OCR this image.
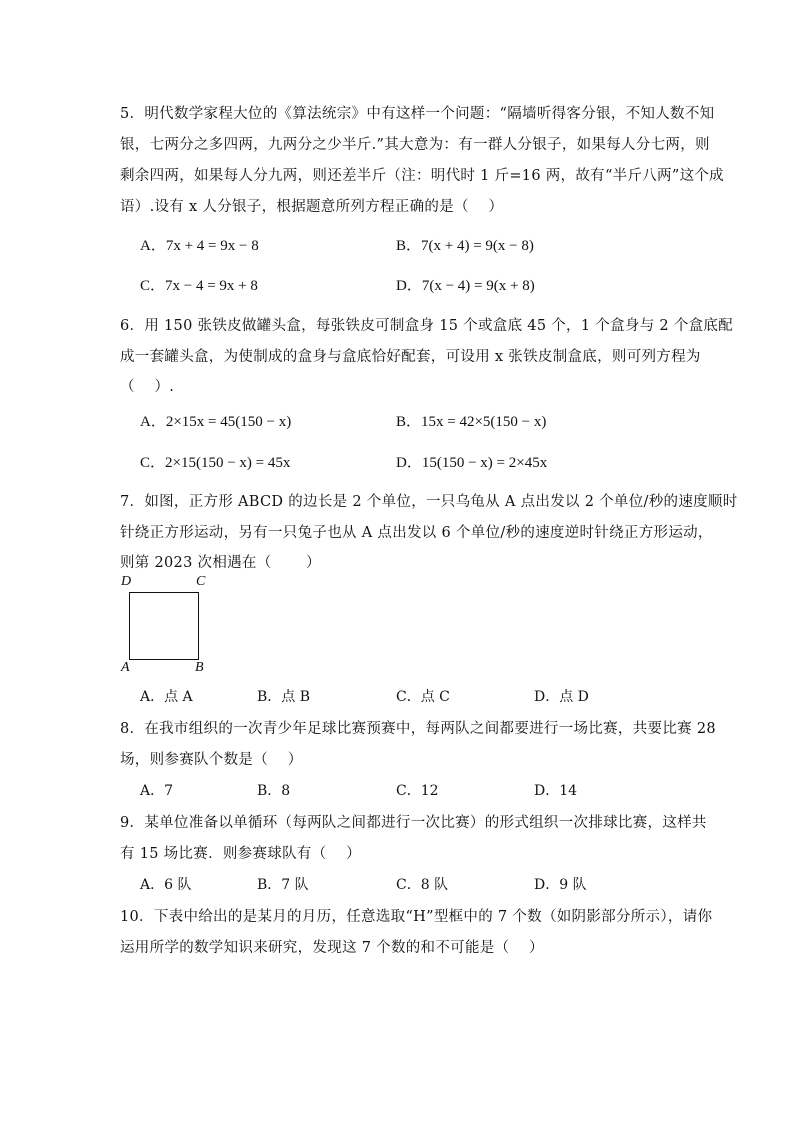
5．明代数学家程大位的《算法统宗》中有这样一个问题：“隔墙听得客分银，不知人数不知
银，七两分之多四两，九两分之少半斤.”其大意为：有一群人分银子，如果每人分七两，则
剩余四两，如果每人分九两，则还差半斤（注：明代时 1 斤=16 两，故有“半斤八两”这个成
语）.设有 x 人分银子，根据题意所列方程正确的是（　 ）
A．7x + 4 = 9x − 8	B．7(x + 4) = 9(x − 8)
C．7x − 4 = 9x + 8	D．7(x − 4) = 9(x + 8)
6．用 150 张铁皮做罐头盒，每张铁皮可制盒身 15 个或盒底 45 个，1 个盒身与 2 个盒底配
成一套罐头盒，为使制成的盒身与盒底恰好配套，可设用 x 张铁皮制盒底，则可列方程为
（　 ）.
A．2×15x = 45(150 − x)	B．15x = 42×5(150 − x)
C．2×15(150 − x) = 45x	D．15(150 − x) = 2×45x
7．如图，正方形 ABCD 的边长是 2 个单位，一只乌龟从 A 点出发以 2 个单位/秒的速度顺时
针绕正方形运动，另有一只兔子也从 A 点出发以 6 个单位/秒的速度逆时针绕正方形运动，
则第 2023 次相遇在（　　 ）
D	C
A	B
A．点 A	B．点 B	C．点 C	D．点 D
8．在我市组织的一次青少年足球比赛预赛中，每两队之间都要进行一场比赛，共要比赛 28
场，则参赛队个数是（　 ）
A．7	B．8	C．12	D．14
9．某单位准备以单循环（每两队之间都进行一次比赛）的形式组织一次排球比赛，这样共
有 15 场比赛．则参赛球队有（　 ）
A．6 队	B．7 队	C．8 队	D．9 队
10．下表中给出的是某月的月历，任意选取“H”型框中的 7 个数（如阴影部分所示），请你
运用所学的数学知识来研究，发现这 7 个数的和不可能是（　 ）
